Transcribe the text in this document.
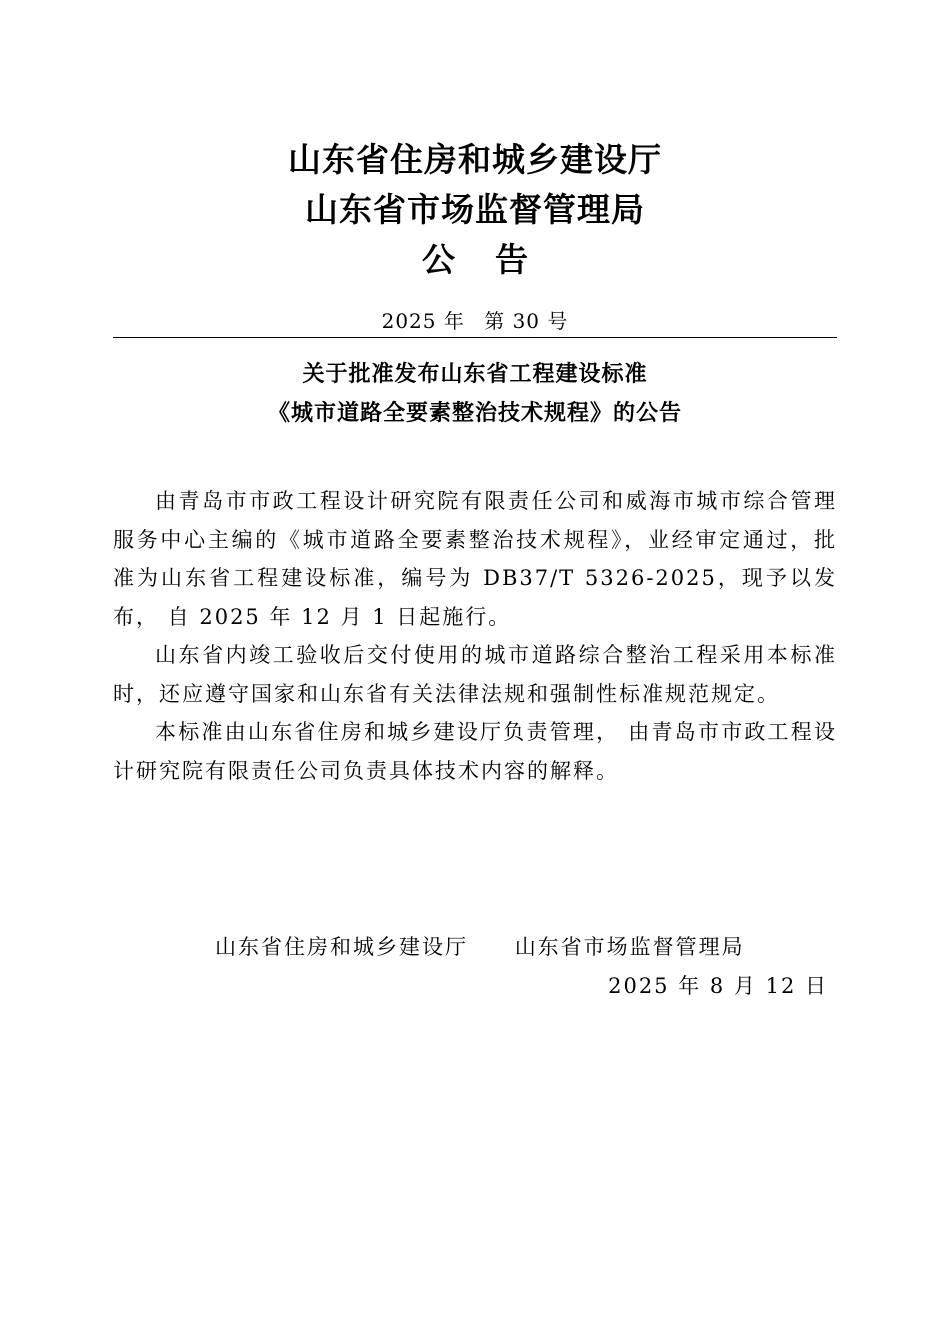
山东省住房和城乡建设厅
山东省市场监督管理局
公告
2025 年 第 30 号
关于批准发布山东省工程建设标准
《城市道路全要素整治技术规程》的公告

由青岛市市政工程设计研究院有限责任公司和威海市城市综合管理服务中心主编的《城市道路全要素整治技术规程》，业经审定通过，批准为山东省工程建设标准，编号为 DB37/T 5326-2025，现予以发布， 自 2025 年 12 月 1 日起施行。

山东省内竣工验收后交付使用的城市道路综合整治工程采用本标准时，还应遵守国家和山东省有关法律法规和强制性标准规范规定。

本标准由山东省住房和城乡建设厅负责管理， 由青岛市市政工程设计研究院有限责任公司负责具体技术内容的解释。

山东省住房和城乡建设厅 山东省市场监督管理局
2025 年 8 月 12 日
